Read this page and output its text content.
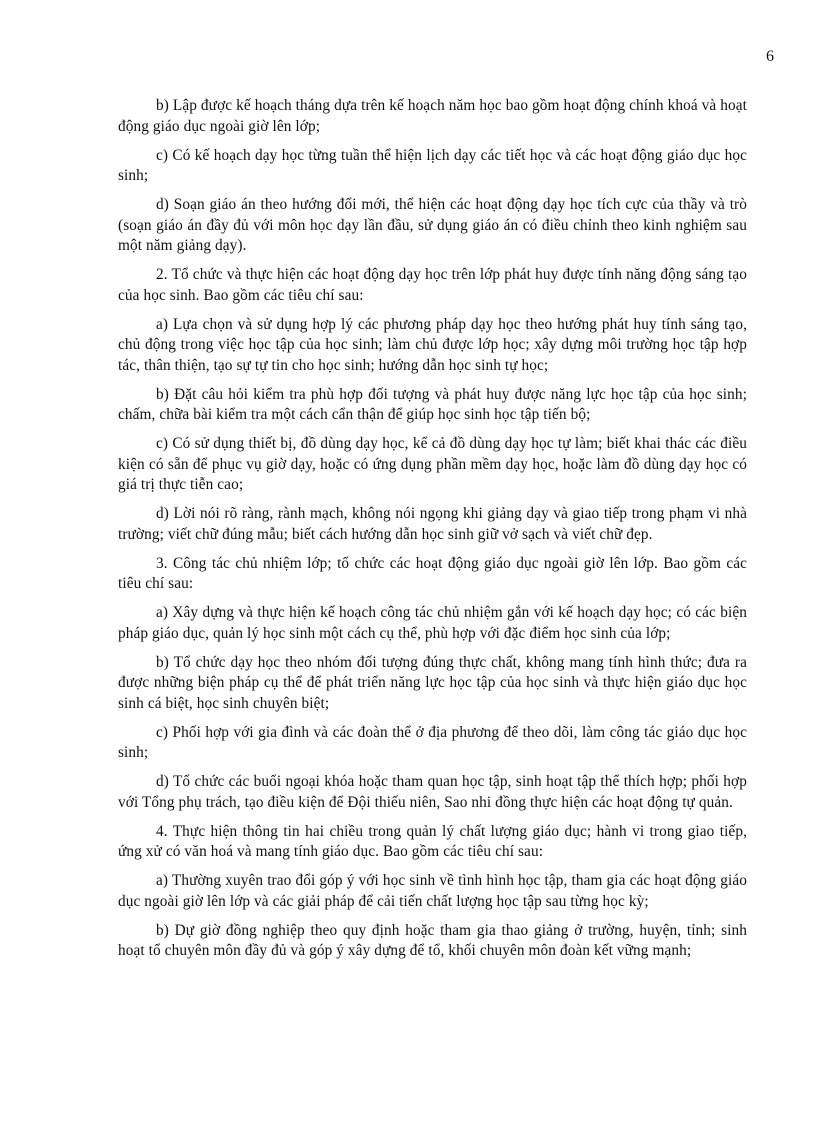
6

b) Lập được kế hoạch tháng dựa trên kế hoạch năm học bao gồm hoạt động chính khoá và hoạt động giáo dục ngoài giờ lên lớp;

c) Có kế hoạch dạy học từng tuần thể hiện lịch dạy các tiết học và các hoạt động giáo dục học sinh;

d) Soạn giáo án theo hướng đổi mới, thể hiện các hoạt động dạy học tích cực của thầy và trò (soạn giáo án đầy đủ với môn học dạy lần đầu, sử dụng giáo án có điều chỉnh theo kinh nghiệm sau một năm giảng dạy).

2. Tổ chức và thực hiện các hoạt động dạy học trên lớp phát huy được tính năng động sáng tạo của học sinh. Bao gồm các tiêu chí sau:

a) Lựa chọn và sử dụng hợp lý các phương pháp dạy học theo hướng phát huy tính sáng tạo, chủ động trong việc học tập của học sinh; làm chủ được lớp học; xây dựng môi trường học tập hợp tác, thân thiện, tạo sự tự tin cho học sinh; hướng dẫn học sinh tự học;

b) Đặt câu hỏi kiểm tra phù hợp đối tượng và phát huy được năng lực học tập của học sinh; chấm, chữa bài kiểm tra một cách cẩn thận để giúp học sinh học tập tiến bộ;

c) Có sử dụng thiết bị, đồ dùng dạy học, kể cả đồ dùng dạy học tự làm; biết khai thác các điều kiện có sẵn để phục vụ giờ dạy, hoặc có ứng dụng phần mềm dạy học, hoặc làm đồ dùng dạy học có giá trị thực tiễn cao;

d) Lời nói rõ ràng, rành mạch, không nói ngọng khi giảng dạy và giao tiếp trong phạm vi nhà trường; viết chữ đúng mẫu; biết cách hướng dẫn học sinh giữ vở sạch và viết chữ đẹp.

3. Công tác chủ nhiệm lớp; tổ chức các hoạt động giáo dục ngoài giờ lên lớp. Bao gồm các tiêu chí sau:

a) Xây dựng và thực hiện kế hoạch công tác chủ nhiệm gắn với kế hoạch dạy học; có các biện pháp giáo dục, quản lý học sinh một cách cụ thể, phù hợp với đặc điểm học sinh của lớp;

b) Tổ chức dạy học theo nhóm đối tượng đúng thực chất, không mang tính hình thức; đưa ra được những biện pháp cụ thể để phát triển năng lực học tập của học sinh và thực hiện giáo dục học sinh cá biệt, học sinh chuyên biệt;

c) Phối hợp với gia đình và các đoàn thể ở địa phương để theo dõi, làm công tác giáo dục học sinh;

d) Tổ chức các buổi ngoại khóa hoặc tham quan học tập, sinh hoạt tập thể thích hợp; phối hợp với Tổng phụ trách, tạo điều kiện để Đội thiếu niên, Sao nhi đồng thực hiện các hoạt động tự quản.

4. Thực hiện thông tin hai chiều trong quản lý chất lượng giáo dục; hành vi trong giao tiếp, ứng xử có văn hoá và mang tính giáo dục. Bao gồm các tiêu chí sau:

a) Thường xuyên trao đổi góp ý với học sinh về tình hình học tập, tham gia các hoạt động giáo dục ngoài giờ lên lớp và các giải pháp để cải tiến chất lượng học tập sau từng học kỳ;

b) Dự giờ đồng nghiệp theo quy định hoặc tham gia thao giảng ở trường, huyện, tỉnh; sinh hoạt tổ chuyên môn đầy đủ và góp ý xây dựng để tổ, khối chuyên môn đoàn kết vững mạnh;
